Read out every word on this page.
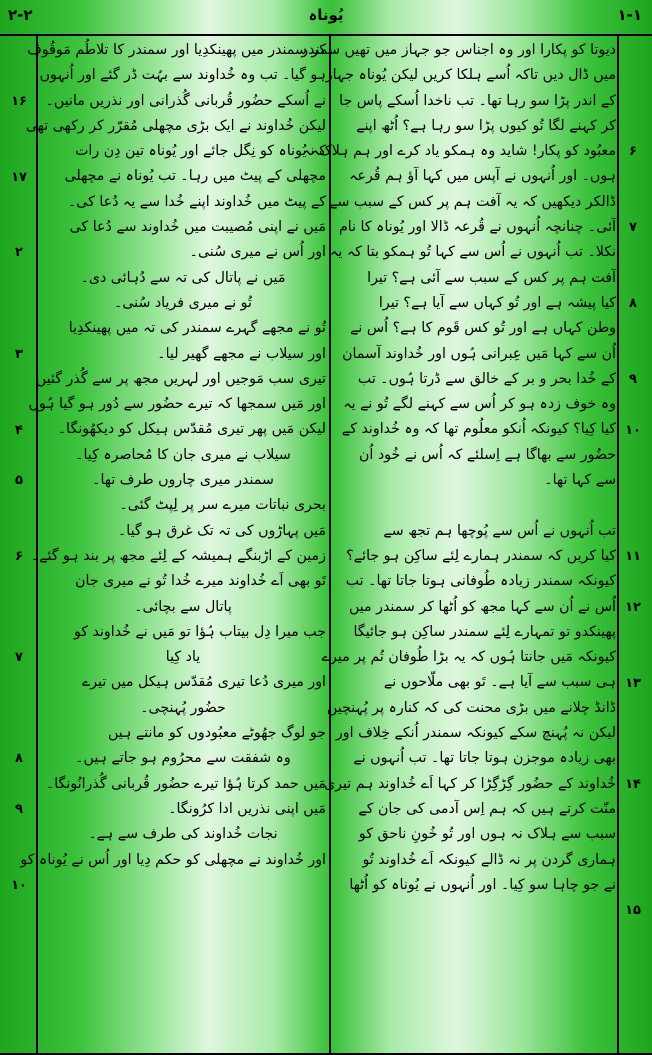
۲-۲	یُوناہ	۱-۱
دیوتا کو پکارا اور وہ اجناس جو جہاز میں تھیں سمندر
میں ڈال دیں تاکہ اُسے ہلکا کریں لیکن یُوناہ جہاز
کے اندر پڑا سو رہا تھا۔ تب ناخدا اُسکے پاس جا
کر کہنے لگا تُو کیوں پڑا سو رہا ہے؟ اُٹھ اپنے
معبُود کو پکار! شاید وہ ہمکو یاد کرے اور ہم ہلاک نہ
ہوں۔ اور اُنہوں نے آپس میں کہا آؤ ہم قُرعہ
ڈالکر دیکھیں کہ یہ آفت ہم پر کس کے سبب سے
آئی۔ چنانچہ اُنہوں نے قُرعہ ڈالا اور یُوناہ کا نام
نکلا۔ تب اُنہوں نے اُس سے کہا تُو ہمکو بتا کہ یہ
آفت ہم پر کس کے سبب سے آئی ہے؟ تیرا
کیا پیشہ ہے اور تُو کہاں سے آیا ہے؟ تیرا
وطن کہاں ہے اور تُو کس قَوم کا ہے؟ اُس نے
اُن سے کہا مَیں عِبرانی ہُوں اور خُداوند آسمان
کے خُدا بحر و بر کے خالق سے ڈرتا ہُوں۔ تب
وہ خوف زدہ ہو کر اُس سے کہنے لگے تُو نے یہ
کیا کِیا؟ کیونکہ اُنکو معلُوم تھا کہ وہ خُداوند کے
حضُور سے بھاگا ہے اِسلئے کہ اُس نے خُود اُن
سے کہا تھا۔
تب اُنہوں نے اُس سے پُوچھا ہم تجھ سے
کیا کریں کہ سمندر ہمارے لِئے ساکِن ہو جائے؟
کیونکہ سمندر زیادہ طُوفانی ہوتا جاتا تھا۔ تب
اُس نے اُن سے کہا مجھ کو اُٹھا کر سمندر میں
پھینکدو تو تمہارے لِئے سمندر ساکِن ہو جائیگا
کیونکہ مَیں جانتا ہُوں کہ یہ بڑا طُوفان تُم پر میرے
ہی سبب سے آیا ہے۔ تَو بھی ملّاحوں نے
ڈانڈ چلانے میں بڑی محنت کی کہ کنارہ پر پُہنچیں
لیکن نہ پُہنچ سکے کیونکہ سمندر اُنکے خِلاف اور
بھی زیادہ موجزن ہوتا جاتا تھا۔ تب اُنہوں نے
خُداوند کے حضُور گِڑگِڑا کر کہا اَے خُداوند ہم تیری
منّت کرتے ہیں کہ ہم اِس آدمی کی جان کے
سبب سے ہلاک نہ ہوں اور تُو خُونِ ناحق کو
ہماری گردن پر نہ ڈالے کیونکہ اَے خُداوند تُو
نے جو چاہا سو کِیا۔ اور اُنہوں نے یُوناہ کو اُٹھا
کر سمندر میں پھینکدِیا اور سمندر کا تلاطُم مَوقُوف
ہو گیا۔ تب وہ خُداوند سے بہُت ڈر گئے اور اُنہوں
نے اُسکے حضُور قُربانی گُذرانی اور نذریں مانیں۔
لیکن خُداوند نے ایک بڑی مچھلی مُقرّر کر رکھی تھی
کہ یُوناہ کو نِگل جائے اور یُوناہ تین دِن رات
مچھلی کے پیٹ میں رہا۔ تب یُوناہ نے مچھلی
کے پیٹ میں خُداوند اپنے خُدا سے یہ دُعا کی۔
مَیں نے اپنی مُصیبت میں خُداوند سے دُعا کی
اور اُس نے میری سُنی۔
مَیں نے پاتال کی تہ سے دُہائی دی۔
تُو نے میری فریاد سُنی۔
تُو نے مجھے گہرے سمندر کی تہ میں پھینکدِیا
اور سیلاب نے مجھے گھیر لیا۔
تیری سب مَوجیں اور لہریں مجھ پر سے گُذر گئیں
اور مَیں سمجھا کہ تیرے حضُور سے دُور ہو گیا ہُوں
لیکن مَیں پھر تیری مُقدّس ہیکل کو دیکھُونگا۔
سیلاب نے میری جان کا مُحاصرہ کِیا۔
سمندر میری چاروں طرف تھا۔
بحری نباتات میرے سر پر لِپٹ گئی۔
مَیں پہاڑوں کی تہ تک غرق ہو گیا۔
زمین کے اڑبنگے ہمیشہ کے لِئے مجھ پر بند ہو گئے۔
تَو بھی اَے خُداوند میرے خُدا تُو نے میری جان
پاتال سے بچائی۔
جب میرا دِل بیتاب ہُؤا تو مَیں نے خُداوند کو
یاد کِیا
اور میری دُعا تیری مُقدّس ہیکل میں تیرے
حضُور پُہنچی۔
جو لوگ جھُوٹے معبُودوں کو مانتے ہیں
وہ شفقت سے محرُوم ہو جاتے ہیں۔
مَیں حمد کرتا ہُؤا تیرے حضُور قُربانی گُذرانُونگا۔
مَیں اپنی نذریں ادا کرُونگا۔
نجات خُداوند کی طرف سے ہے۔
اور خُداوند نے مچھلی کو حکم دِیا اور اُس نے یُوناہ کو
۶
۷
۸
۹
۱۰
۱۱
۱۲
۱۳
۱۴
۱۵
۱۶
۱۷
۲
۳
۴
۵
۶
۷
۸
۹
۱۰
